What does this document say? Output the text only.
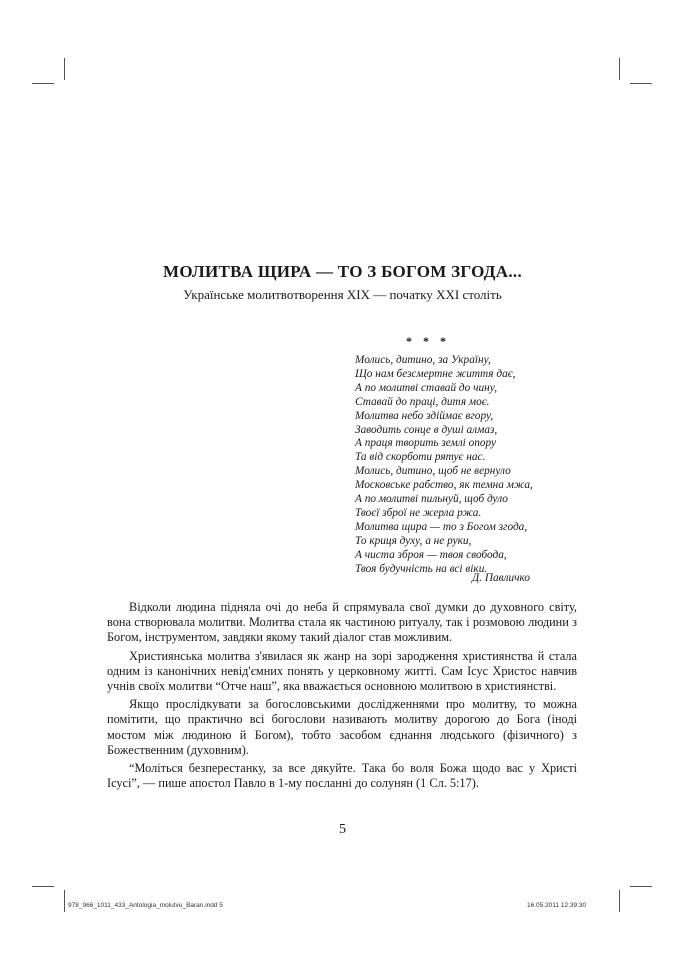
МОЛИТВА ЩИРА — ТО З БОГОМ ЗГОДА...
Українське молитвотворення XIX — початку XXI століть
* * *
Молись, дитино, за Україну,
Що нам безсмертне життя дає,
А по молитві ставай до чину,
Ставай до праці, дитя моє.
Молитва небо здіймає вгору,
Заводить сонце в душі алмаз,
А праця творить землі опору
Та від скорботи рятує нас.
Молись, дитино, щоб не вернуло
Московське рабство, як темна мжа,
А по молитві пильнуй, щоб дуло
Твоєї зброї не жерла ржа.
Молитва щира — то з Богом згода,
То криця духу, а не руки,
А чиста зброя — твоя свобода,
Твоя будучність на всі віки.
Д. Павличко

Відколи людина підняла очі до неба й спрямувала свої думки до духовного світу, вона створювала молитви. Молитва стала як частиною ритуалу, так і розмовою людини з Богом, інструментом, завдяки якому такий діалог став можливим.

Християнська молитва з'явилася як жанр на зорі зародження християнства й стала одним із канонічних невід'ємних понять у церковному житті. Сам Ісус Христос навчив учнів своїх молитви “Отче наш”, яка вважається основною молитвою в християнстві.

Якщо прослідкувати за богословськими дослідженнями про молитву, то можна помітити, що практично всі богослови називають молитву дорогою до Бога (іноді мостом між людиною й Богом), тобто засобом єднання людського (фізичного) з Божественним (духовним).

“Моліться безперестанку, за все дякуйте. Така бо воля Божа щодо вас у Христі Ісусі”, — пише апостол Павло в 1-му посланні до солунян (1 Сл. 5:17).

5
978_966_1011_433_Antologia_molutvu_Baran.indd 5	16.05.2011 12:39:30
